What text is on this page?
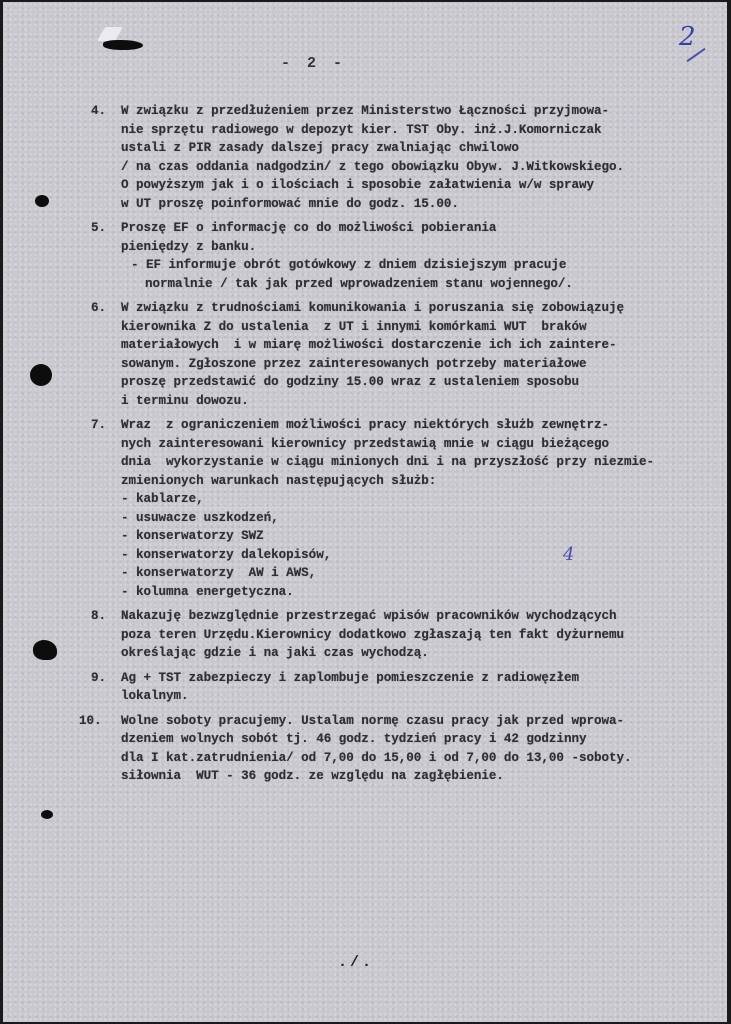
- 2 -
2
4
4. W związku z przedłużeniem przez Ministerstwo Łączności przyjmowa-
nie sprzętu radiowego w depozyt kier. TST Oby. inż.J.Komorniczak
ustali z PIR zasady dalszej pracy zwalniając chwilowo
/ na czas oddania nadgodzin/ z tego obowiązku Obyw. J.Witkowskiego.
O powyższym jak i o ilościach i sposobie załatwienia w/w sprawy
w UT proszę poinformować mnie do godz. 15.00.
5. Proszę EF o informację co do możliwości pobierania
pieniędzy z banku.
- EF informuje obrót gotówkowy z dniem dzisiejszym pracuje
normalnie / tak jak przed wprowadzeniem stanu wojennego/.
6. W związku z trudnościami komunikowania i poruszania się zobowiązuję
kierownika Z do ustalenia  z UT i innymi komórkami WUT  braków
materiałowych  i w miarę możliwości dostarczenie ich ich zaintere-
sowanym. Zgłoszone przez zainteresowanych potrzeby materiałowe
proszę przedstawić do godziny 15.00 wraz z ustaleniem sposobu
i terminu dowozu.
7. Wraz  z ograniczeniem możliwości pracy niektórych służb zewnętrz-
nych zainteresowani kierownicy przedstawią mnie w ciągu bieżącego
dnia  wykorzystanie w ciągu minionych dni i na przyszłość przy niezmie-
zmienionych warunkach następujących służb:
- kablarze,
- usuwacze uszkodzeń,
- konserwatorzy SWZ
- konserwatorzy dalekopisów,
- konserwatorzy  AW i AWS,
- kolumna energetyczna.
8. Nakazuję bezwzględnie przestrzegać wpisów pracowników wychodzących
poza teren Urzędu.Kierownicy dodatkowo zgłaszają ten fakt dyżurnemu
określając gdzie i na jaki czas wychodzą.
9. Ag + TST zabezpieczy i zaplombuje pomieszczenie z radiowęzłem
lokalnym.
10. Wolne soboty pracujemy. Ustalam normę czasu pracy jak przed wprowa-
dzeniem wolnych sobót tj. 46 godz. tydzień pracy i 42 godzinny
dla I kat.zatrudnienia/ od 7,00 do 15,00 i od 7,00 do 13,00 -soboty.
siłownia  WUT - 36 godz. ze względu na zagłębienie.
./.
